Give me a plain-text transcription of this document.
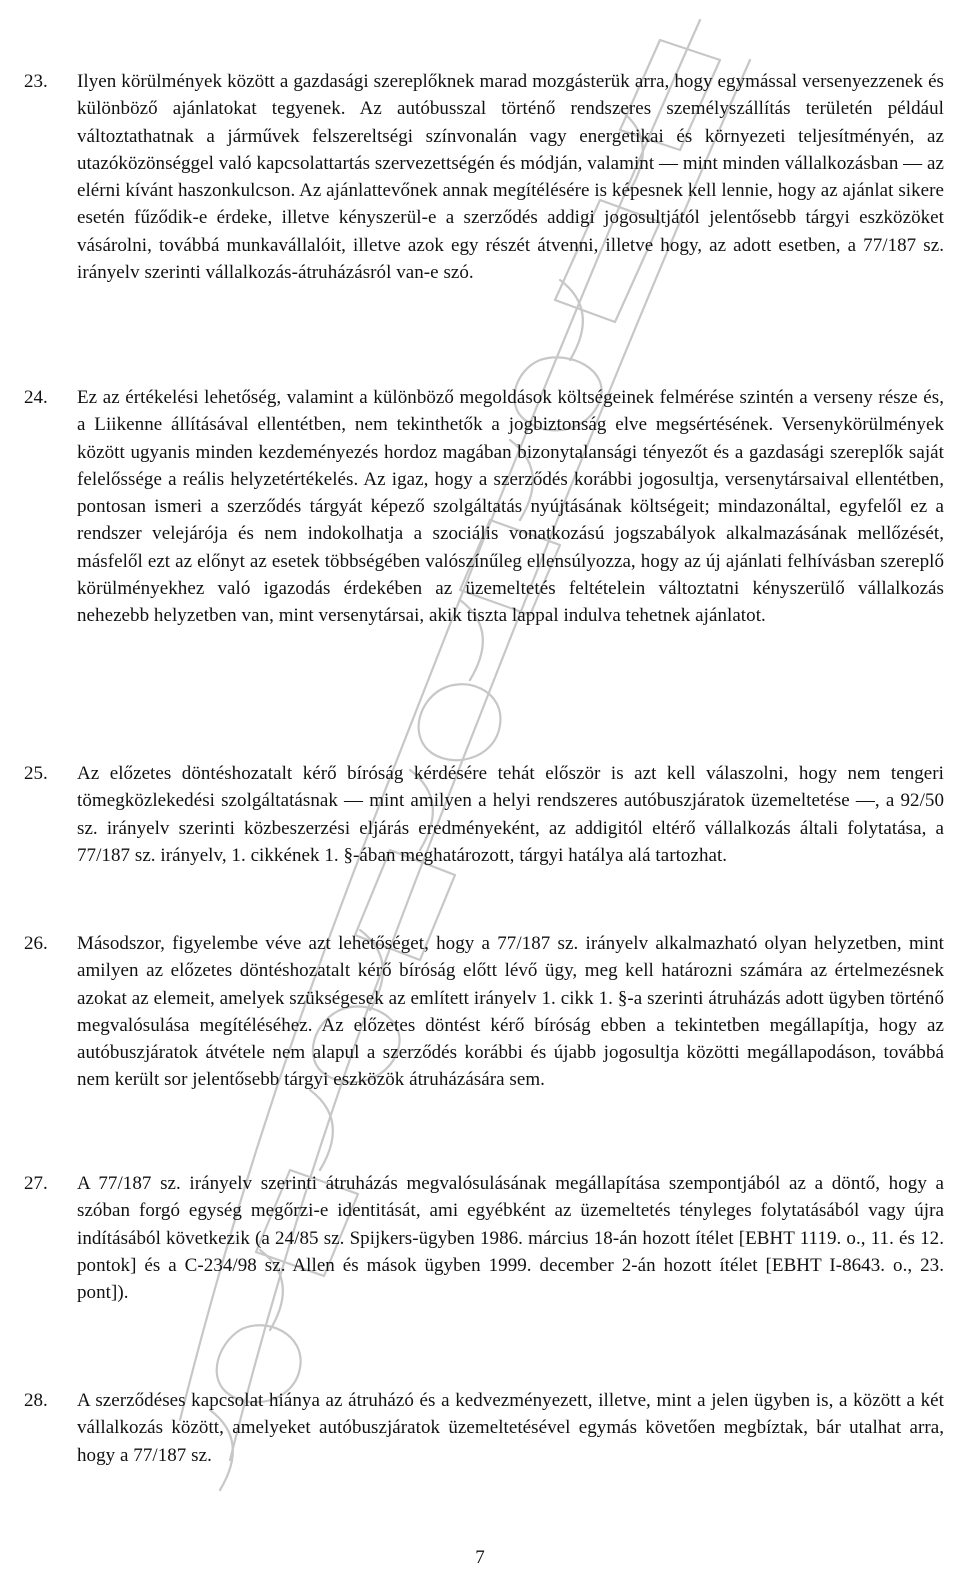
23.	Ilyen körülmények között a gazdasági szereplőknek marad mozgásterük arra, hogy egymással versenyezzenek és különböző ajánlatokat tegyenek. Az autóbusszal történő rendszeres személyszállítás területén például változtathatnak a járművek felszereltségi színvonalán vagy energetikai és környezeti teljesítményén, az utazóközönséggel való kapcsolattartás szervezettségén és módján, valamint — mint minden vállalkozásban — az elérni kívánt haszonkulcson. Az ajánlattevőnek annak megítélésére is képesnek kell lennie, hogy az ajánlat sikere esetén fűződik-e érdeke, illetve kényszerül-e a szerződés addigi jogosultjától jelentősebb tárgyi eszközöket vásárolni, továbbá munkavállalóit, illetve azok egy részét átvenni, illetve hogy, az adott esetben, a 77/187 sz. irányelv szerinti vállalkozás-átruházásról van-e szó.
24.	Ez az értékelési lehetőség, valamint a különböző megoldások költségeinek felmérése szintén a verseny része és, a Liikenne állításával ellentétben, nem tekinthetők a jogbiztonság elve megsértésének. Versenykörülmények között ugyanis minden kezdeményezés hordoz magában bizonytalansági tényezőt és a gazdasági szereplők saját felelőssége a reális helyzetértékelés. Az igaz, hogy a szerződés korábbi jogosultja, versenytársaival ellentétben, pontosan ismeri a szerződés tárgyát képező szolgáltatás nyújtásának költségeit; mindazonáltal, egyfelől ez a rendszer velejárója és nem indokolhatja a szociális vonatkozású jogszabályok alkalmazásának mellőzését, másfelől ezt az előnyt az esetek többségében valószínűleg ellensúlyozza, hogy az új ajánlati felhívásban szereplő körülményekhez való igazodás érdekében az üzemeltetés feltételein változtatni kényszerülő vállalkozás nehezebb helyzetben van, mint versenytársai, akik tiszta lappal indulva tehetnek ajánlatot.
25.	Az előzetes döntéshozatalt kérő bíróság kérdésére tehát először is azt kell válaszolni, hogy nem tengeri tömegközlekedési szolgáltatásnak — mint amilyen a helyi rendszeres autóbuszjáratok üzemeltetése —, a 92/50 sz. irányelv szerinti közbeszerzési eljárás eredményeként, az addigitól eltérő vállalkozás általi folytatása, a 77/187 sz. irányelv, 1. cikkének 1. §-ában meghatározott, tárgyi hatálya alá tartozhat.
26.	Másodszor, figyelembe véve azt lehetőséget, hogy a 77/187 sz. irányelv alkalmazható olyan helyzetben, mint amilyen az előzetes döntéshozatalt kérő bíróság előtt lévő ügy, meg kell határozni számára az értelmezésnek azokat az elemeit, amelyek szükségesek az említett irányelv 1. cikk 1. §-a szerinti átruházás adott ügyben történő megvalósulása megítéléséhez. Az előzetes döntést kérő bíróság ebben a tekintetben megállapítja, hogy az autóbuszjáratok átvétele nem alapul a szerződés korábbi és újabb jogosultja közötti megállapodáson, továbbá nem került sor jelentősebb tárgyi eszközök átruházására sem.
27.	A 77/187 sz. irányelv szerinti átruházás megvalósulásának megállapítása szempontjából az a döntő, hogy a szóban forgó egység megőrzi-e identitását, ami egyébként az üzemeltetés tényleges folytatásából vagy újra indításából következik (a 24/85 sz. Spijkers-ügyben 1986. március 18-án hozott ítélet [EBHT 1119. o., 11. és 12. pontok] és a C-234/98 sz. Allen és mások ügyben 1999. december 2-án hozott ítélet [EBHT I-8643. o., 23. pont]).
28.	A szerződéses kapcsolat hiánya az átruházó és a kedvezményezett, illetve, mint a jelen ügyben is, a között a két vállalkozás között, amelyeket autóbuszjáratok üzemeltetésével egymás követően megbíztak, bár utalhat arra, hogy a 77/187 sz.
7
